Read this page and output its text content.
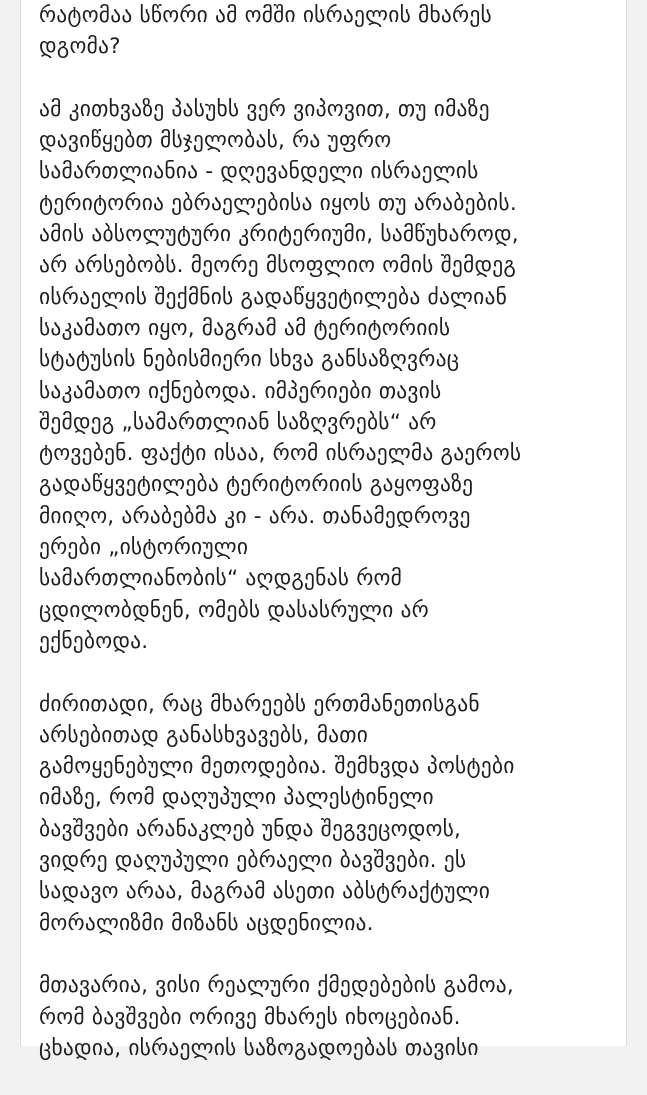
რატომაა სწორი ამ ომში ისრაელის მხარეს
დგომა?

ამ კითხვაზე პასუხს ვერ ვიპოვით, თუ იმაზე
დავიწყებთ მსჯელობას, რა უფრო
სამართლიანია - დღევანდელი ისრაელის
ტერიტორია ებრაელებისა იყოს თუ არაბების.
ამის აბსოლუტური კრიტერიუმი, სამწუხაროდ,
არ არსებობს. მეორე მსოფლიო ომის შემდეგ
ისრაელის შექმნის გადაწყვეტილება ძალიან
საკამათო იყო, მაგრამ ამ ტერიტორიის
სტატუსის ნებისმიერი სხვა განსაზღვრაც
საკამათო იქნებოდა. იმპერიები თავის
შემდეგ „სამართლიან საზღვრებს“ არ
ტოვებენ. ფაქტი ისაა, რომ ისრაელმა გაეროს
გადაწყვეტილება ტერიტორიის გაყოფაზე
მიიღო, არაბებმა კი - არა. თანამედროვე
ერები „ისტორიული
სამართლიანობის“ აღდგენას რომ
ცდილობდნენ, ომებს დასასრული არ
ექნებოდა.

ძირითადი, რაც მხარეებს ერთმანეთისგან
არსებითად განასხვავებს, მათი
გამოყენებული მეთოდებია. შემხვდა პოსტები
იმაზე, რომ დაღუპული პალესტინელი
ბავშვები არანაკლებ უნდა შეგვეცოდოს,
ვიდრე დაღუპული ებრაელი ბავშვები. ეს
სადავო არაა, მაგრამ ასეთი აბსტრაქტული
მორალიზმი მიზანს აცდენილია.

მთავარია, ვისი რეალური ქმედებების გამოა,
რომ ბავშვები ორივე მხარეს იხოცებიან.
ცხადია, ისრაელის საზოგადოებას თავისი
